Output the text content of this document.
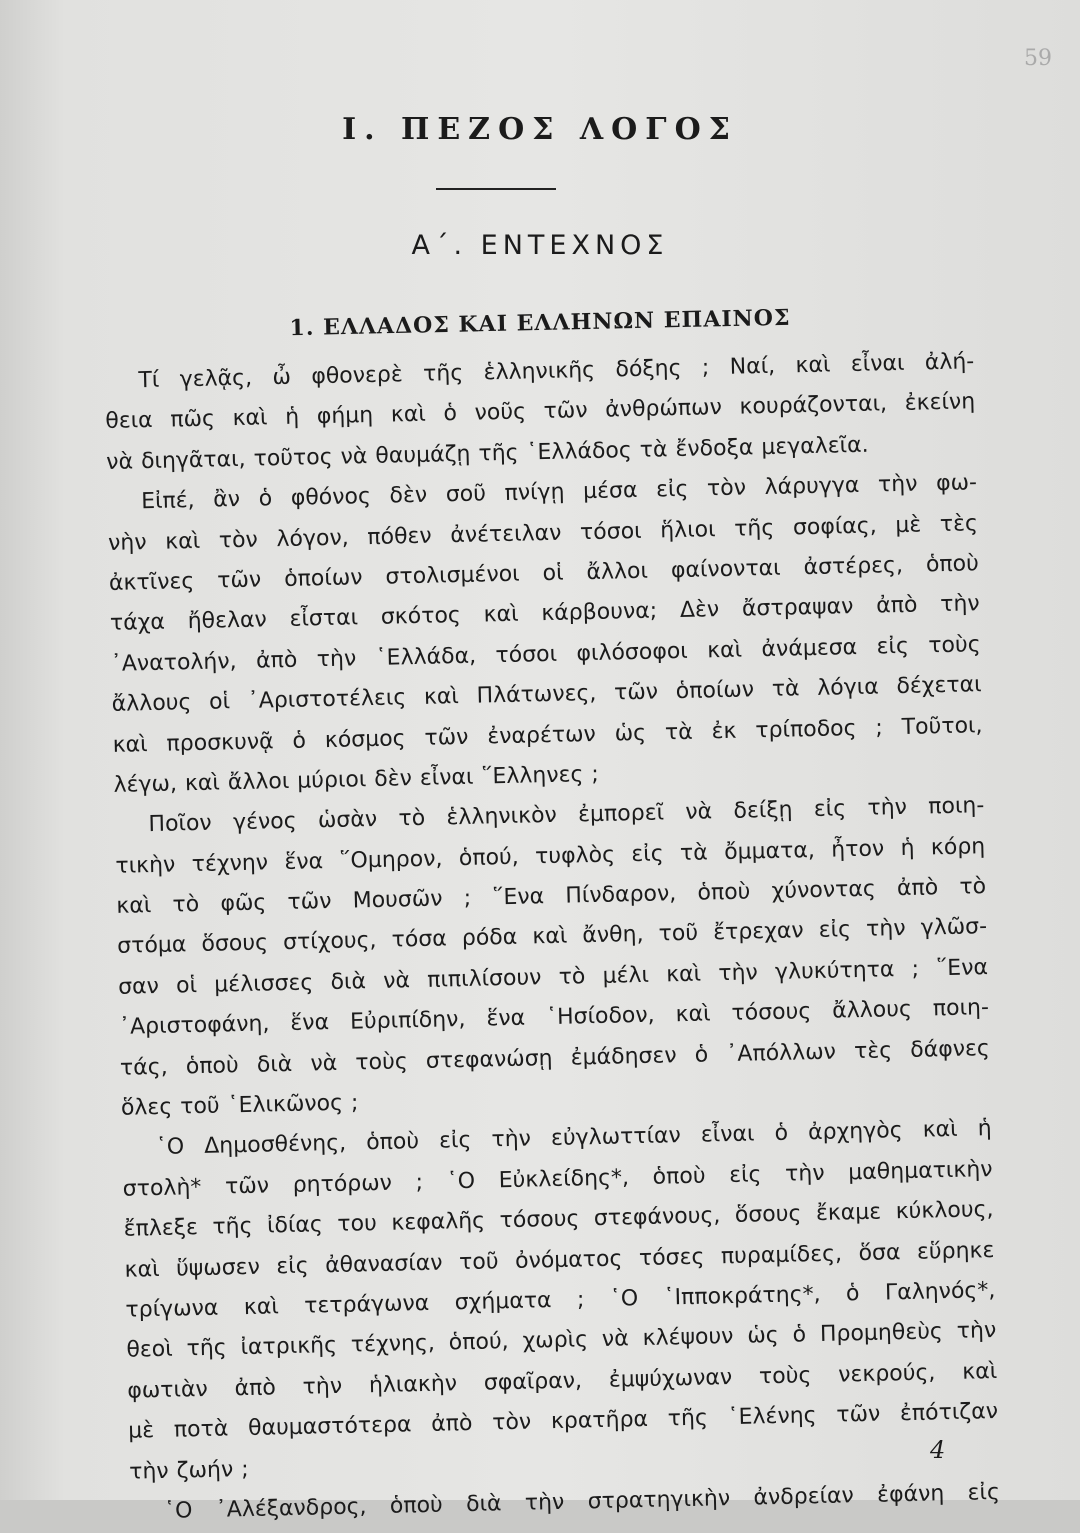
59
I. ΠΕΖΟΣ ΛΟΓΟΣ
Α΄. ΕΝΤΕΧΝΟΣ
1. ΕΛΛΑΔΟΣ ΚΑΙ ΕΛΛΗΝΩΝ ΕΠΑΙΝΟΣ
Τί γελᾷς, ὦ φθονερὲ τῆς ἑλληνικῆς δόξης ; Ναί, καὶ εἶναι ἀλή-
θεια πῶς καὶ ἡ φήμη καὶ ὁ νοῦς τῶν ἀνθρώπων κουράζονται, ἐκείνη
νὰ διηγᾶται, τοῦτος νὰ θαυμάζῃ τῆς ῾Ελλάδος τὰ ἔνδοξα μεγαλεῖα.
Εἰπέ, ἂν ὁ φθόνος δὲν σοῦ πνίγῃ μέσα εἰς τὸν λάρυγγα τὴν φω-
νὴν καὶ τὸν λόγον, πόθεν ἀνέτειλαν τόσοι ἥλιοι τῆς σοφίας, μὲ τὲς
ἀκτῖνες τῶν ὁποίων στολισμένοι οἱ ἄλλοι φαίνονται ἀστέρες, ὁποὺ
τάχα ἤθελαν εἶσται σκότος καὶ κάρβουνα; Δὲν ἄστραψαν ἀπὸ τὴν
᾿Ανατολήν, ἀπὸ τὴν ῾Ελλάδα, τόσοι φιλόσοφοι καὶ ἀνάμεσα εἰς τοὺς
ἄλλους οἱ ᾿Αριστοτέλεις καὶ Πλάτωνες, τῶν ὁποίων τὰ λόγια δέχεται
καὶ προσκυνᾷ ὁ κόσμος τῶν ἐναρέτων ὡς τὰ ἐκ τρίποδος ; Τοῦτοι,
λέγω, καὶ ἄλλοι μύριοι δὲν εἶναι ῞Ελληνες ;
Ποῖον γένος ὡσὰν τὸ ἑλληνικὸν ἐμπορεῖ νὰ δείξῃ εἰς τὴν ποιη-
τικὴν τέχνην ἕνα ῞Ομηρον, ὁπού, τυφλὸς εἰς τὰ ὄμματα, ἦτον ἡ κόρη
καὶ τὸ φῶς τῶν Μουσῶν ; ῞Ενα Πίνδαρον, ὁποὺ χύνοντας ἀπὸ τὸ
στόμα ὅσους στίχους, τόσα ρόδα καὶ ἄνθη, τοῦ ἔτρεχαν εἰς τὴν γλῶσ-
σαν οἱ μέλισσες διὰ νὰ πιπιλίσουν τὸ μέλι καὶ τὴν γλυκύτητα ; ῞Ενα
᾿Αριστοφάνη, ἕνα Εὐριπίδην, ἕνα ῾Ησίοδον, καὶ τόσους ἄλλους ποιη-
τάς, ὁποὺ διὰ νὰ τοὺς στεφανώσῃ ἐμάδησεν ὁ ᾿Απόλλων τὲς δάφνες
ὅλες τοῦ ῾Ελικῶνος ;
῾Ο Δημοσθένης, ὁποὺ εἰς τὴν εὐγλωττίαν εἶναι ὁ ἀρχηγὸς καὶ ἡ
στολὴ* τῶν ρητόρων ; ῾Ο Εὐκλείδης*, ὁποὺ εἰς τὴν μαθηματικὴν
ἔπλεξε τῆς ἰδίας του κεφαλῆς τόσους στεφάνους, ὅσους ἔκαμε κύκλους,
καὶ ὕψωσεν εἰς ἀθανασίαν τοῦ ὀνόματος τόσες πυραμίδες, ὅσα εὕρηκε
τρίγωνα καὶ τετράγωνα σχήματα ; ῾Ο ῾Ιπποκράτης*, ὁ Γαληνός*,
θεοὶ τῆς ἰατρικῆς τέχνης, ὁπού, χωρὶς νὰ κλέψουν ὡς ὁ Προμηθεὺς τὴν
φωτιὰν ἀπὸ τὴν ἡλιακὴν σφαῖραν, ἐμψύχωναν τοὺς νεκρούς, καὶ
μὲ ποτὰ θαυμαστότερα ἀπὸ τὸν κρατῆρα τῆς ῾Ελένης τῶν ἐπότιζαν
τὴν ζωήν ;
῾Ο ᾿Αλέξανδρος, ὁποὺ διὰ τὴν στρατηγικὴν ἀνδρείαν ἐφάνη εἰς
4
